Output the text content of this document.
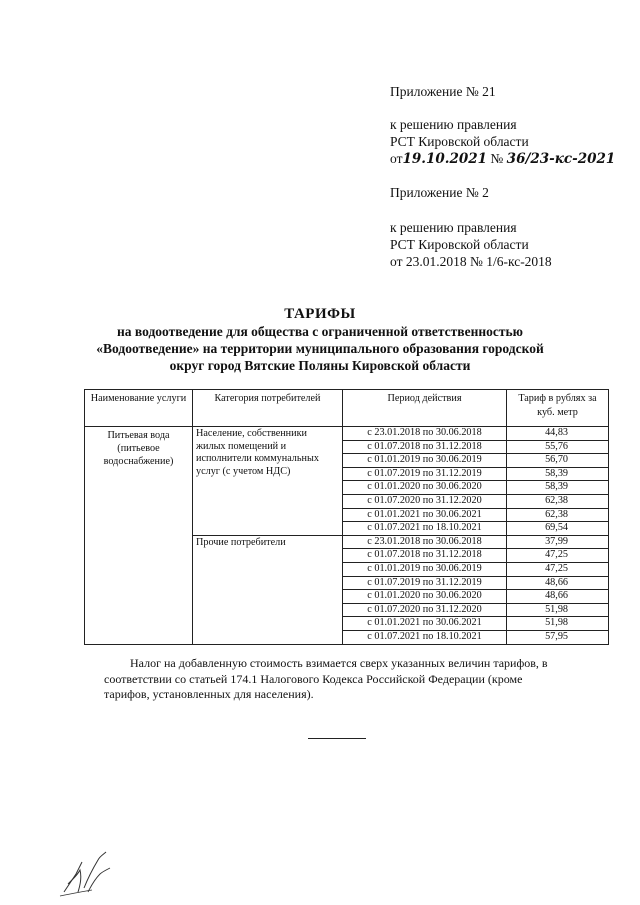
Приложение № 21
к решению правления
РСТ Кировской области
от19.10.2021 № 36/23-кс-2021
Приложение № 2
к решению правления
РСТ Кировской области
от 23.01.2018 № 1/6-кс-2018
ТАРИФЫ
на водоотведение для общества с ограниченной ответственностью
«Водоотведение» на территории муниципального образования городской
округ город Вятские Поляны Кировской области
Наименование услуги	Категория потребителей	Период действия	Тариф в рублях за куб. метр
Питьевая вода (питьевое водоснабжение)	Население, собственники жилых помещений и исполнители коммунальных услуг (с учетом НДС)	с 23.01.2018 по 30.06.2018	44,83
		с 01.07.2018 по 31.12.2018	55,76
		с 01.01.2019 по 30.06.2019	56,70
		с 01.07.2019 по 31.12.2019	58,39
		с 01.01.2020 по 30.06.2020	58,39
		с 01.07.2020 по 31.12.2020	62,38
		с 01.01.2021 по 30.06.2021	62,38
		с 01.07.2021 по 18.10.2021	69,54
	Прочие потребители	с 23.01.2018 по 30.06.2018	37,99
		с 01.07.2018 по 31.12.2018	47,25
		с 01.01.2019 по 30.06.2019	47,25
		с 01.07.2019 по 31.12.2019	48,66
		с 01.01.2020 по 30.06.2020	48,66
		с 01.07.2020 по 31.12.2020	51,98
		с 01.01.2021 по 30.06.2021	51,98
		с 01.07.2021 по 18.10.2021	57,95
Налог на добавленную стоимость взимается сверх указанных величин тарифов, в
соответствии со статьей 174.1 Налогового Кодекса Российской Федерации (кроме
тарифов, установленных для населения).
